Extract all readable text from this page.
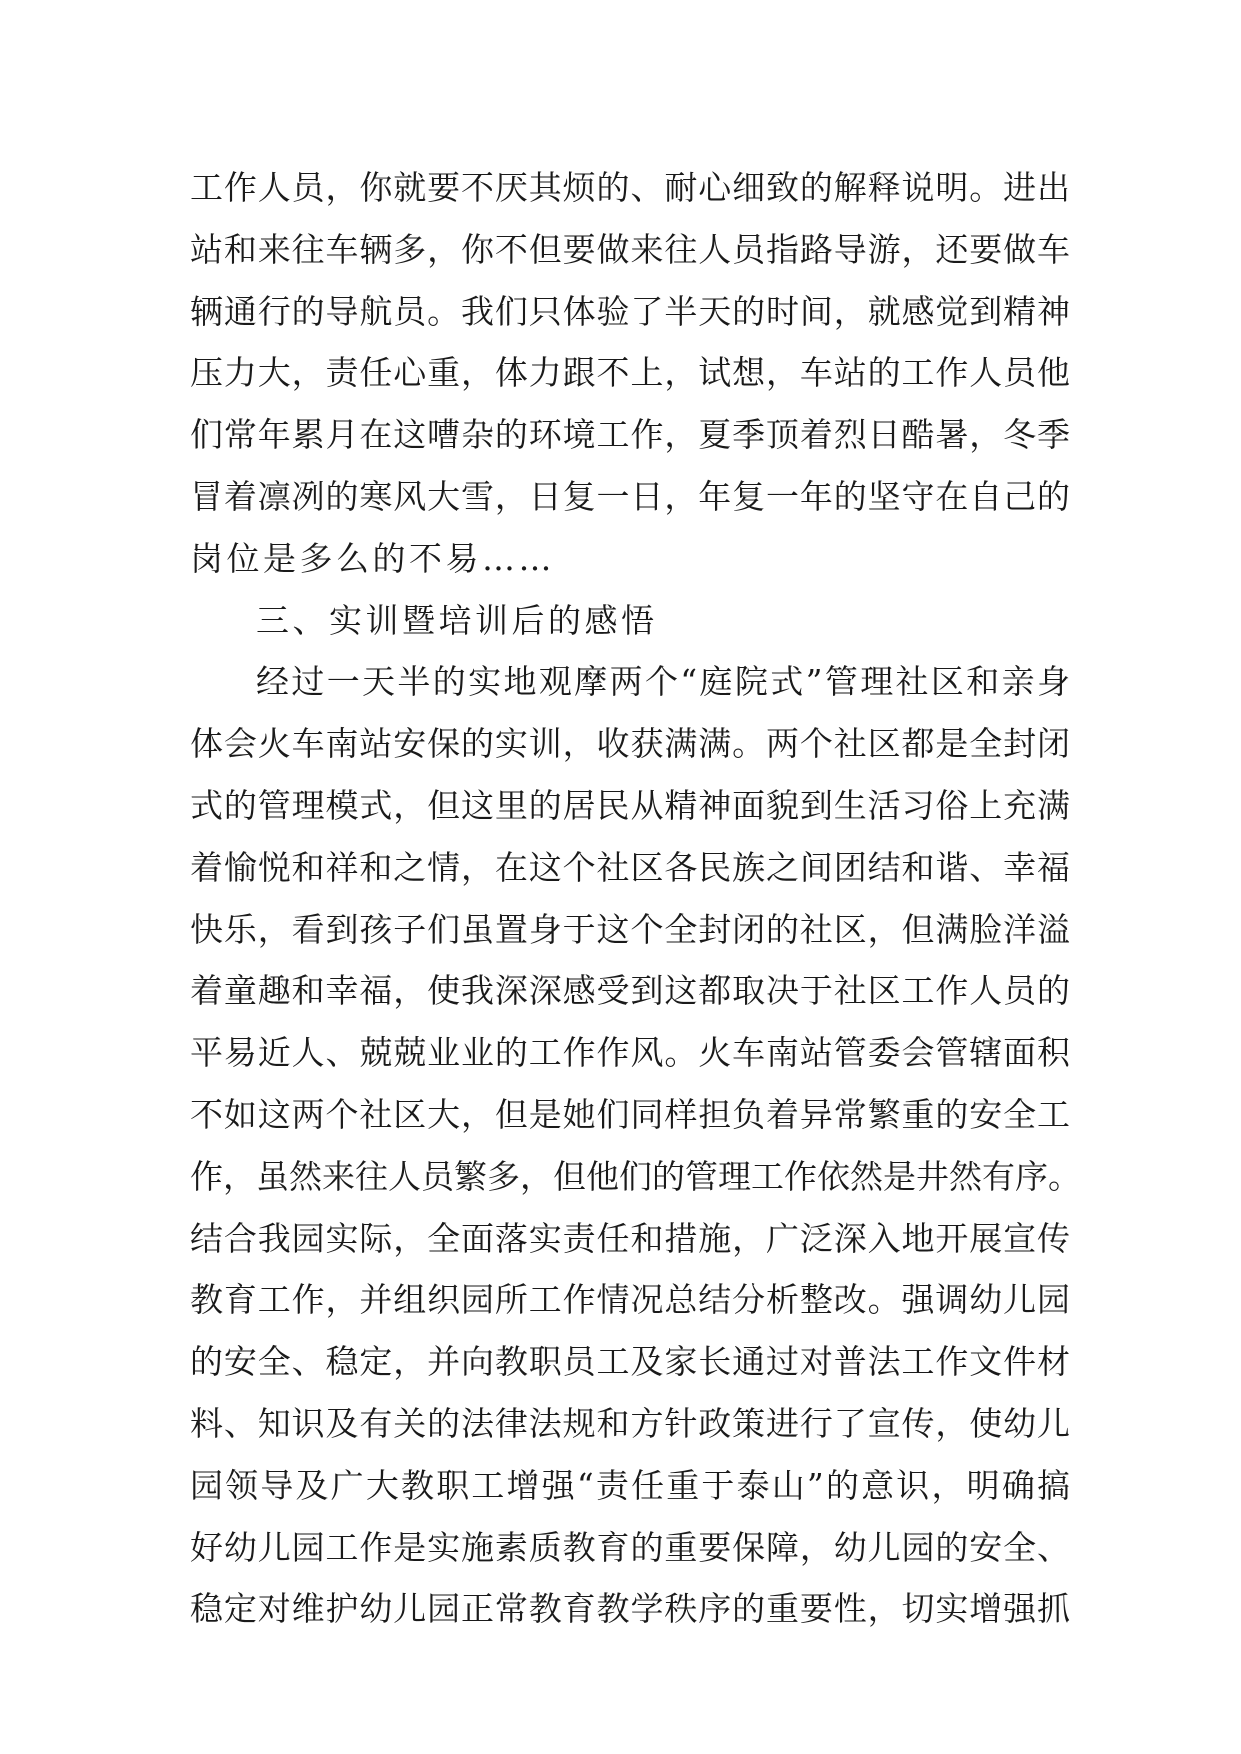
工作人员，你就要不厌其烦的、耐心细致的解释说明。进出
站和来往车辆多，你不但要做来往人员指路导游，还要做车
辆通行的导航员。我们只体验了半天的时间，就感觉到精神
压力大，责任心重，体力跟不上，试想，车站的工作人员他
们常年累月在这嘈杂的环境工作，夏季顶着烈日酷暑，冬季
冒着凛冽的寒风大雪，日复一日，年复一年的坚守在自己的
岗位是多么的不易……
三、实训暨培训后的感悟
经过一天半的实地观摩两个“庭院式”管理社区和亲身
体会火车南站安保的实训，收获满满。两个社区都是全封闭
式的管理模式，但这里的居民从精神面貌到生活习俗上充满
着愉悦和祥和之情，在这个社区各民族之间团结和谐、幸福
快乐，看到孩子们虽置身于这个全封闭的社区，但满脸洋溢
着童趣和幸福，使我深深感受到这都取决于社区工作人员的
平易近人、兢兢业业的工作作风。火车南站管委会管辖面积
不如这两个社区大，但是她们同样担负着异常繁重的安全工
作，虽然来往人员繁多，但他们的管理工作依然是井然有序。
结合我园实际，全面落实责任和措施，广泛深入地开展宣传
教育工作，并组织园所工作情况总结分析整改。强调幼儿园
的安全、稳定，并向教职员工及家长通过对普法工作文件材
料、知识及有关的法律法规和方针政策进行了宣传，使幼儿
园领导及广大教职工增强“责任重于泰山”的意识，明确搞
好幼儿园工作是实施素质教育的重要保障，幼儿园的安全、
稳定对维护幼儿园正常教育教学秩序的重要性，切实增强抓
